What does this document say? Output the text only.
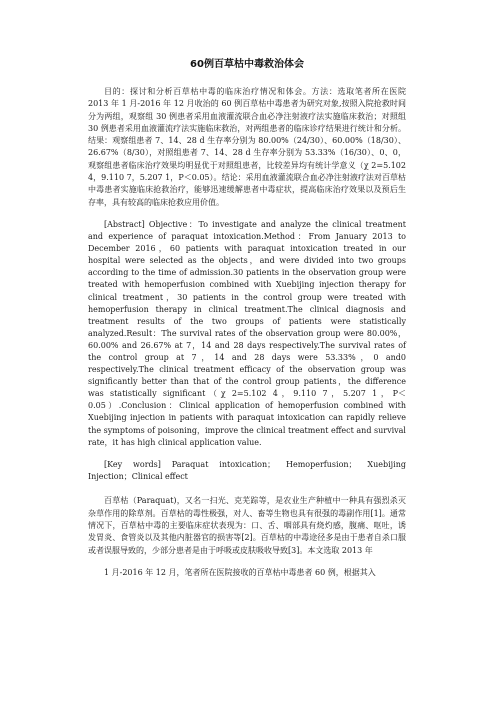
60例百草枯中毒救治体会

目的：探讨和分析百草枯中毒的临床治疗情况和体会。方法：选取笔者所在医院 2013 年 1 月-2016 年 12 月收治的 60 例百草枯中毒患者为研究对象,按照入院抢救时间分为两组，观察组 30 例患者采用血液灌流联合血必净注射液疗法实施临床救治；对照组 30 例患者采用血液灌流疗法实施临床救治，对两组患者的临床诊疗结果进行统计和分析。结果：观察组患者 7、14、28 d 生存率分别为 80.00%（24/30）、60.00%（18/30）、26.67%（8/30），对照组患者 7、14、28 d 生存率分别为 53.33%（16/30）、0、0，观察组患者临床治疗效果均明显优于对照组患者，比较差异均有统计学意义（χ 2=5.102 4，9.110 7，5.207 1，P＜0.05）。结论：采用血液灌流联合血必净注射液疗法对百草枯中毒患者实施临床抢救治疗，能够迅速缓解患者中毒症状，提高临床治疗效果以及预后生存率，具有较高的临床抢救应用价值。

[Abstract] Objective：To investigate and analyze the clinical treatment and experience of paraquat intoxication.Method：From January 2013 to December 2016，60 patients with paraquat intoxication treated in our hospital were selected as the objects，and were divided into two groups according to the time of admission.30 patients in the observation group were treated with hemoperfusion combined with Xuebijing injection therapy for clinical treatment，30 patients in the control group were treated with hemoperfusion therapy in clinical treatment.The clinical diagnosis and treatment results of the two groups of patients were statistically analyzed.Result：The survival rates of the observation group were 80.00%，60.00% and 26.67% at 7，14 and 28 days respectively.The survival rates of the control group at 7，14 and 28 days were 53.33%，0 and0 respectively.The clinical treatment efficacy of the observation group was significantly better than that of the control group patients，the difference was statistically significant（χ 2=5.102 4，9.110 7，5.207 1，P＜0.05）.Conclusion：Clinical application of hemoperfusion combined with Xuebijing injection in patients with paraquat intoxication can rapidly relieve the symptoms of poisoning，improve the clinical treatment effect and survival rate，it has high clinical application value.

[Key words] Paraquat intoxication； Hemoperfusion； Xuebijing Injection；Clinical effect

百草枯（Paraquat)，又名一扫光、克芜踪等，是农业生产种植中一种具有强烈杀灭杂草作用的除草剂。百草枯的毒性极强，对人、畜等生物也具有很强的毒副作用[1]。通常情况下，百草枯中毒的主要临床症状表现为：口、舌、咽部具有烧灼感，腹痛、呕吐，诱发胃炎、食管炎以及其他内脏器官的损害等[2]。百草枯的中毒途径多是由于患者自杀口服或者误服导致的，少部分患者是由于呼吸或皮肤吸收导致[3]。本文选取 2013 年

1 月-2016 年 12 月，笔者所在医院接收的百草枯中毒患者 60 例，根据其入
